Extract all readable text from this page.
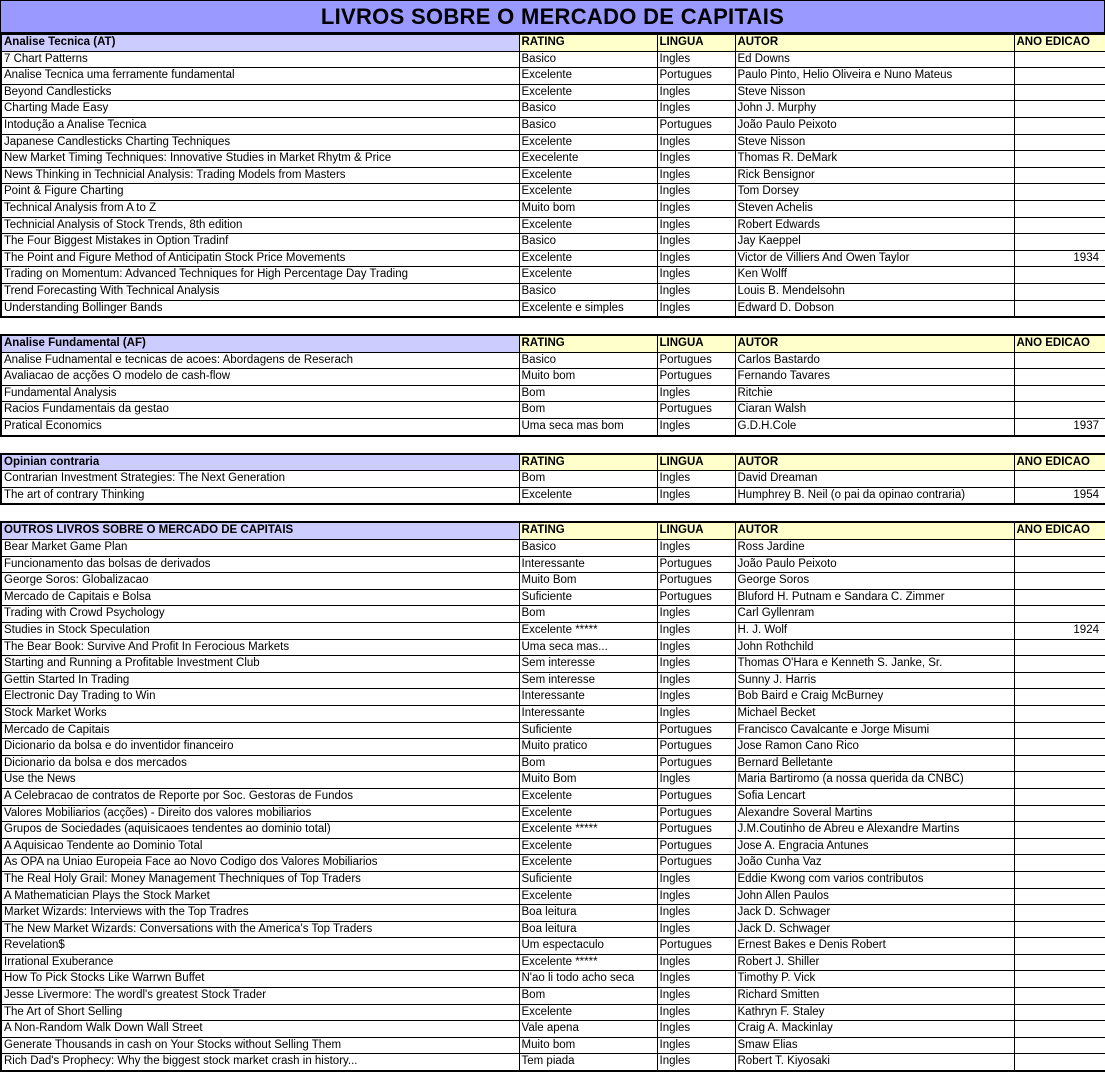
LIVROS SOBRE O MERCADO DE CAPITAIS
Analise Tecnica (AT)	RATING	LINGUA	AUTOR	ANO EDICAO
7 Chart Patterns	Basico	Ingles	Ed Downs	
Analise Tecnica uma ferramente fundamental	Excelente	Portugues	Paulo Pinto, Helio Oliveira e Nuno Mateus	
Beyond Candlesticks	Excelente	Ingles	Steve Nisson	
Charting Made Easy	Basico	Ingles	John J. Murphy	
Intodução a Analise Tecnica	Basico	Portugues	João Paulo Peixoto	
Japanese Candlesticks Charting Techniques	Excelente	Ingles	Steve Nisson	
New Market Timing Techniques: Innovative Studies in Market Rhytm & Price	Execelente	Ingles	Thomas R. DeMark	
News Thinking in Technicial Analysis: Trading Models from Masters	Excelente	Ingles	Rick Bensignor	
Point & Figure Charting	Excelente	Ingles	Tom Dorsey	
Technical Analysis from A to Z	Muito bom	Ingles	Steven Achelis	
Technicial Analysis of Stock Trends, 8th edition	Excelente	Ingles	Robert Edwards	
The Four Biggest Mistakes in Option Tradinf	Basico	Ingles	Jay Kaeppel	
The Point and Figure Method of Anticipatin Stock Price Movements	Excelente	Ingles	Victor de Villiers And Owen Taylor	1934
Trading on Momentum: Advanced Techniques for High Percentage Day Trading	Excelente	Ingles	Ken Wolff	
Trend Forecasting With Technical Analysis	Basico	Ingles	Louis B. Mendelsohn	
Understanding Bollinger Bands	Excelente e simples	Ingles	Edward D. Dobson	
Analise Fundamental (AF)	RATING	LINGUA	AUTOR	ANO EDICAO
Analise Fudnamental e tecnicas de acoes: Abordagens de Reserach	Basico	Portugues	Carlos Bastardo	
Avaliacao de acções O modelo de cash-flow	Muito bom	Portugues	Fernando Tavares	
Fundamental Analysis	Bom	Ingles	Ritchie	
Racios Fundamentais da gestao	Bom	Portugues	Ciaran Walsh	
Pratical Economics	Uma seca mas bom	Ingles	G.D.H.Cole	1937
Opinian contraria	RATING	LINGUA	AUTOR	ANO EDICAO
Contrarian Investment Strategies: The Next Generation	Bom	Ingles	David Dreaman	
The art of contrary Thinking	Excelente	Ingles	Humphrey B. Neil (o pai da opinao contraria)	1954
OUTROS LIVROS SOBRE O MERCADO DE CAPITAIS	RATING	LINGUA	AUTOR	ANO EDICAO
Bear Market Game Plan	Basico	Ingles	Ross Jardine	
Funcionamento das bolsas de derivados	Interessante	Portugues	João Paulo Peixoto	
George Soros: Globalizacao	Muito Bom	Portugues	George Soros	
Mercado de Capitais e Bolsa	Suficiente	Portugues	Bluford H. Putnam e Sandara C. Zimmer	
Trading with Crowd Psychology	Bom	Ingles	Carl Gyllenram	
Studies in Stock Speculation	Excelente *****	Ingles	H. J. Wolf	1924
The Bear Book: Survive And Profit In Ferocious Markets	Uma seca mas...	Ingles	John Rothchild	
Starting and Running a Profitable Investment Club	Sem interesse	Ingles	Thomas O'Hara e Kenneth S. Janke, Sr.	
Gettin Started In Trading	Sem interesse	Ingles	Sunny J. Harris	
Electronic Day Trading to Win	Interessante	Ingles	Bob Baird e Craig McBurney	
Stock Market Works	Interessante	Ingles	Michael Becket	
Mercado de Capitais	Suficiente	Portugues	Francisco Cavalcante e Jorge Misumi	
Dicionario da bolsa e do inventidor financeiro	Muito pratico	Portugues	Jose Ramon Cano Rico	
Dicionario da bolsa e dos mercados	Bom	Portugues	Bernard Belletante	
Use the News	Muito Bom	Ingles	Maria Bartiromo (a nossa querida da CNBC)	
A Celebracao de contratos de Reporte por Soc. Gestoras de Fundos	Excelente	Portugues	Sofia Lencart	
Valores Mobiliarios (acções) - Direito dos valores mobiliarios	Excelente	Portugues	Alexandre Soveral Martins	
Grupos de Sociedades (aquisicaoes tendentes ao dominio total)	Excelente *****	Portugues	J.M.Coutinho de Abreu e Alexandre Martins	
A Aquisicao Tendente ao Dominio Total	Excelente	Portugues	Jose A. Engracia Antunes	
As OPA na Uniao Europeia Face ao Novo Codigo dos Valores Mobiliarios	Excelente	Portugues	João Cunha Vaz	
The Real Holy Grail: Money Management Thechniques of Top Traders	Suficiente	Ingles	Eddie Kwong com varios contributos	
A Mathematician Plays the Stock Market	Excelente	Ingles	John Allen Paulos	
Market Wizards: Interviews with the Top Tradres	Boa leitura	Ingles	Jack D. Schwager	
The New Market Wizards: Conversations with the America's Top Traders	Boa leitura	Ingles	Jack D. Schwager	
Revelation$	Um espectaculo	Portugues	Ernest Bakes e Denis Robert	
Irrational Exuberance	Excelente *****	Ingles	Robert J. Shiller	
How To Pick Stocks Like Warrwn Buffet	N'ao li todo acho seca	Ingles	Timothy P. Vick	
Jesse Livermore: The wordl's greatest Stock Trader	Bom	Ingles	Richard Smitten	
The Art of Short Selling	Excelente	Ingles	Kathryn F. Staley	
A Non-Random Walk Down Wall Street	Vale apena	Ingles	Craig A. Mackinlay	
Generate Thousands in cash on Your Stocks without Selling Them	Muito bom	Ingles	Smaw Elias	
Rich Dad's Prophecy: Why the biggest stock market crash in history...	Tem piada	Ingles	Robert T. Kiyosaki	
